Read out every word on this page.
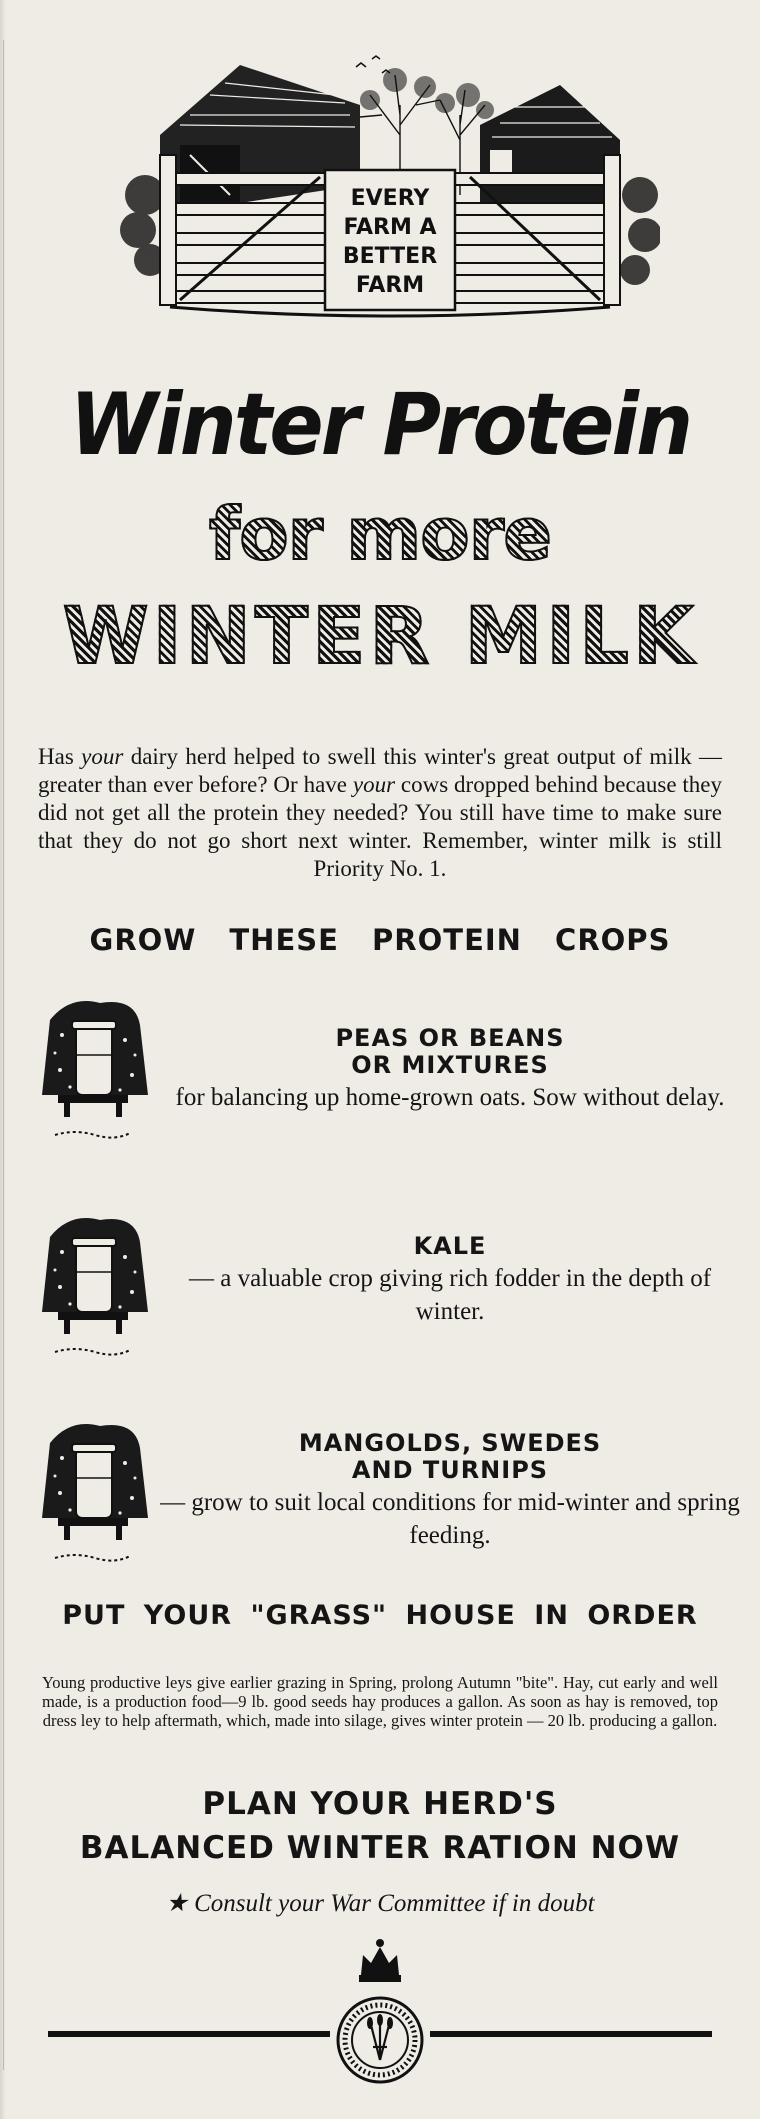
EVERY
FARM A
BETTER
FARM
Winter Protein
for more
WINTER MILK

Has your dairy herd helped to swell this winter's great output of milk — greater than ever before? Or have your cows dropped behind because they did not get all the protein they needed? You still have time to make sure that they do not go short next winter. Remember, winter milk is still Priority No. 1.

GROW THESE PROTEIN CROPS
PEAS OR BEANS
OR MIXTURES
for balancing up home-grown oats. Sow without delay.
KALE
— a valuable crop giving rich fodder in the depth of winter.
MANGOLDS, SWEDES
AND TURNIPS
— grow to suit local conditions for mid-winter and spring feeding.
PUT YOUR "GRASS" HOUSE IN ORDER

Young productive leys give earlier grazing in Spring, prolong Autumn "bite". Hay, cut early and well made, is a production food—9 lb. good seeds hay produces a gallon. As soon as hay is removed, top dress ley to help aftermath, which, made into silage, gives winter protein — 20 lb. producing a gallon.

PLAN YOUR HERD'S
BALANCED WINTER RATION NOW
★ Consult your War Committee if in doubt
